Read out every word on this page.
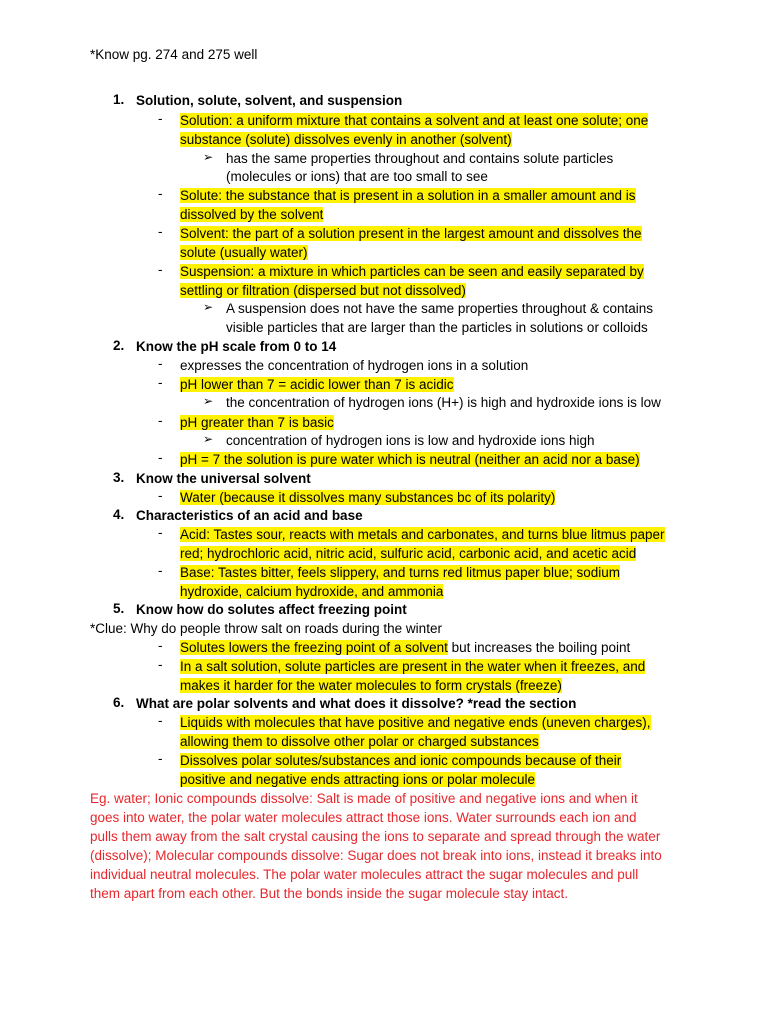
*Know pg. 274 and 275 well
1. Solution, solute, solvent, and suspension
- Solution: a uniform mixture that contains a solvent and at least one solute; one
substance (solute) dissolves evenly in another (solvent)
➢ has the same properties throughout and contains solute particles
(molecules or ions) that are too small to see
- Solute: the substance that is present in a solution in a smaller amount and is
dissolved by the solvent
- Solvent: the part of a solution present in the largest amount and dissolves the
solute (usually water)
- Suspension: a mixture in which particles can be seen and easily separated by
settling or filtration (dispersed but not dissolved)
➢ A suspension does not have the same properties throughout & contains
visible particles that are larger than the particles in solutions or colloids
2. Know the pH scale from 0 to 14
- expresses the concentration of hydrogen ions in a solution
- pH lower than 7 = acidic lower than 7 is acidic
➢ the concentration of hydrogen ions (H+) is high and hydroxide ions is low
- pH greater than 7 is basic
➢ concentration of hydrogen ions is low and hydroxide ions high
- pH = 7 the solution is pure water which is neutral (neither an acid nor a base)
3. Know the universal solvent
- Water (because it dissolves many substances bc of its polarity)
4. Characteristics of an acid and base
- Acid: Tastes sour, reacts with metals and carbonates, and turns blue litmus paper
red; hydrochloric acid, nitric acid, sulfuric acid, carbonic acid, and acetic acid
- Base: Tastes bitter, feels slippery, and turns red litmus paper blue; sodium
hydroxide, calcium hydroxide, and ammonia
5. Know how do solutes affect freezing point
*Clue: Why do people throw salt on roads during the winter
- Solutes lowers the freezing point of a solvent but increases the boiling point
- In a salt solution, solute particles are present in the water when it freezes, and
makes it harder for the water molecules to form crystals (freeze)
6. What are polar solvents and what does it dissolve? *read the section
- Liquids with molecules that have positive and negative ends (uneven charges),
allowing them to dissolve other polar or charged substances
- Dissolves polar solutes/substances and ionic compounds because of their
positive and negative ends attracting ions or polar molecule
Eg. water; Ionic compounds dissolve: Salt is made of positive and negative ions and when it
goes into water, the polar water molecules attract those ions. Water surrounds each ion and
pulls them away from the salt crystal causing the ions to separate and spread through the water
(dissolve); Molecular compounds dissolve: Sugar does not break into ions, instead it breaks into
individual neutral molecules. The polar water molecules attract the sugar molecules and pull
them apart from each other. But the bonds inside the sugar molecule stay intact.
